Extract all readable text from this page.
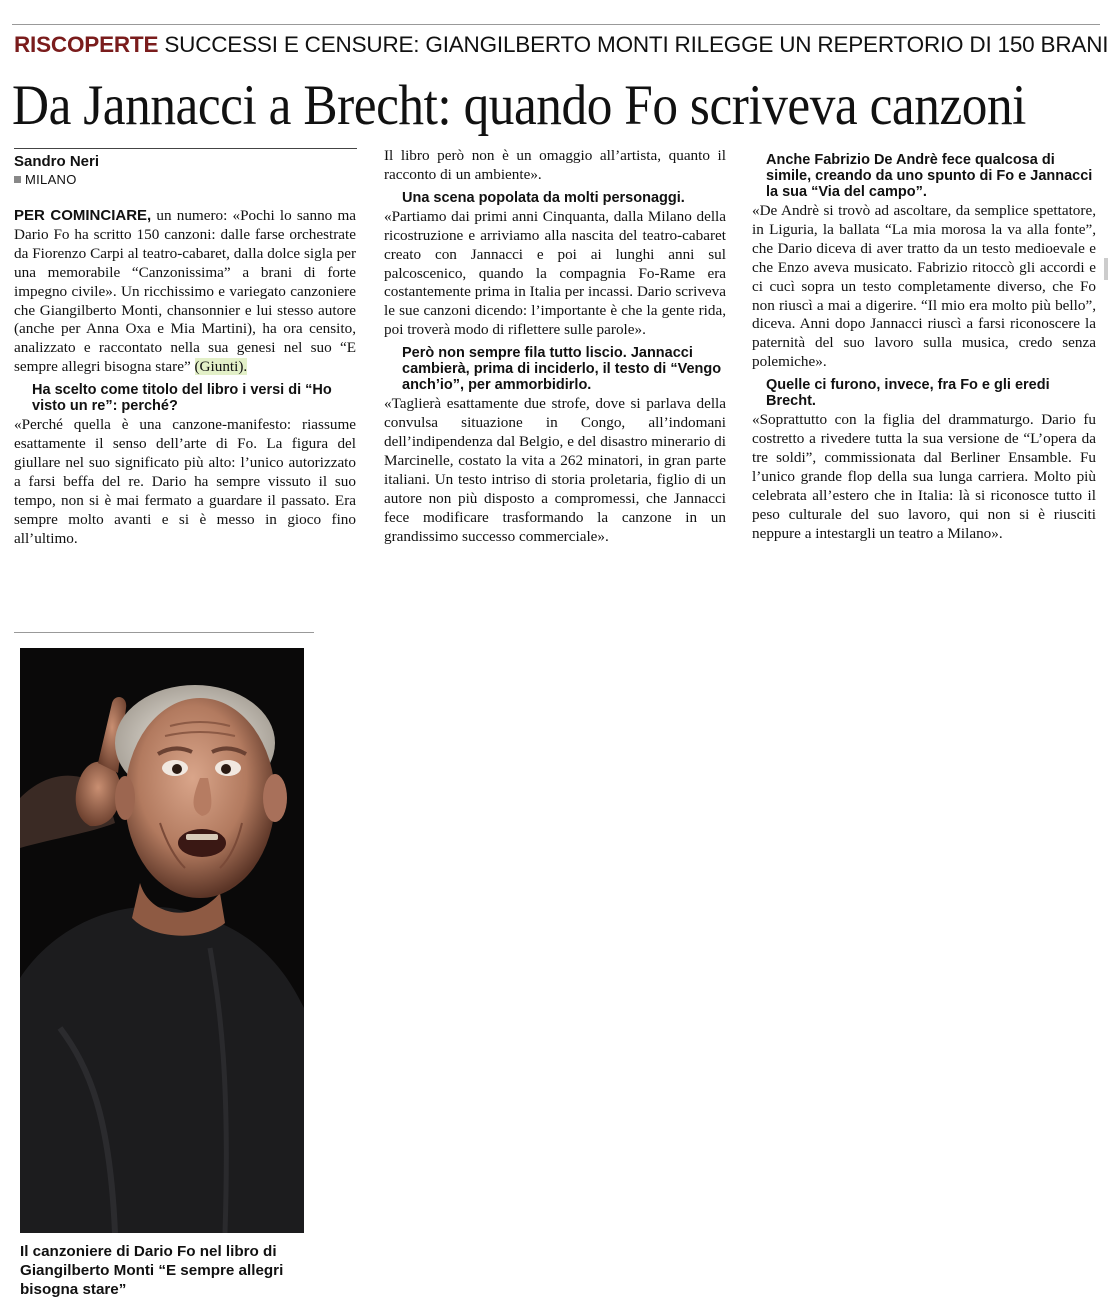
RISCOPERTE SUCCESSI E CENSURE: GIANGILBERTO MONTI RILEGGE UN REPERTORIO DI 150 BRANI
Da Jannacci a Brecht: quando Fo scriveva canzoni
Sandro Neri
MILANO

PER COMINCIARE, un numero: «Pochi lo sanno ma Dario Fo ha scritto 150 canzoni: dalle farse orchestrate da Fiorenzo Carpi al teatro-cabaret, dalla dolce sigla per una memorabile “Canzonissima” a brani di forte impegno civile». Un ricchissimo e variegato canzoniere che Giangilberto Monti, chansonnier e lui stesso autore (anche per Anna Oxa e Mia Martini), ha ora censito, analizzato e raccontato nella sua genesi nel suo “E sempre allegri bisogna stare” (Giunti).

Ha scelto come titolo del libro i versi di “Ho visto un re”: perché?

«Perché quella è una canzone-manifesto: riassume esattamente il senso dell’arte di Fo. La figura del giullare nel suo significato più alto: l’unico autorizzato a farsi beffa del re. Dario ha sempre vissuto il suo tempo, non si è mai fermato a guardare il passato. Era sempre molto avanti e si è messo in gioco fino all’ultimo.

Il libro però non è un omaggio all’artista, quanto il racconto di un ambiente».

Una scena popolata da molti personaggi.

«Partiamo dai primi anni Cinquanta, dalla Milano della ricostruzione e arriviamo alla nascita del teatro-cabaret creato con Jannacci e poi ai lunghi anni sul palcoscenico, quando la compagnia Fo-Rame era costantemente prima in Italia per incassi. Dario scriveva le sue canzoni dicendo: l’importante è che la gente rida, poi troverà modo di riflettere sulle parole».

Però non sempre fila tutto liscio. Jannacci cambierà, prima di inciderlo, il testo di “Vengo anch’io”, per ammorbidirlo.

«Taglierà esattamente due strofe, dove si parlava della convulsa situazione in Congo, all’indomani dell’indipendenza dal Belgio, e del disastro minerario di Marcinelle, costato la vita a 262 minatori, in gran parte italiani. Un testo intriso di storia proletaria, figlio di un autore non più disposto a compromessi, che Jannacci fece modificare trasformando la canzone in un grandissimo successo commerciale».

Anche Fabrizio De Andrè fece qualcosa di simile, creando da uno spunto di Fo e Jannacci la sua “Via del campo”.

«De Andrè si trovò ad ascoltare, da semplice spettatore, in Liguria, la ballata “La mia morosa la va alla fonte”, che Dario diceva di aver tratto da un testo medioevale e che Enzo aveva musicato. Fabrizio ritoccò gli accordi e ci cucì sopra un testo completamente diverso, che Fo non riuscì a mai a digerire. “Il mio era molto più bello”, diceva. Anni dopo Jannacci riuscì a farsi riconoscere la paternità del suo lavoro sulla musica, credo senza polemiche».

Quelle ci furono, invece, fra Fo e gli eredi Brecht.

«Soprattutto con la figlia del drammaturgo. Dario fu costretto a rivedere tutta la sua versione de “L’opera da tre soldi”, commissionata dal Berliner Ensamble. Fu l’unico grande flop della sua lunga carriera. Molto più celebrata all’estero che in Italia: là si riconosce tutto il peso culturale del suo lavoro, qui non si è riusciti neppure a intestargli un teatro a Milano».

Il canzoniere di Dario Fo nel libro di Giangilberto Monti “E sempre allegri bisogna stare”
